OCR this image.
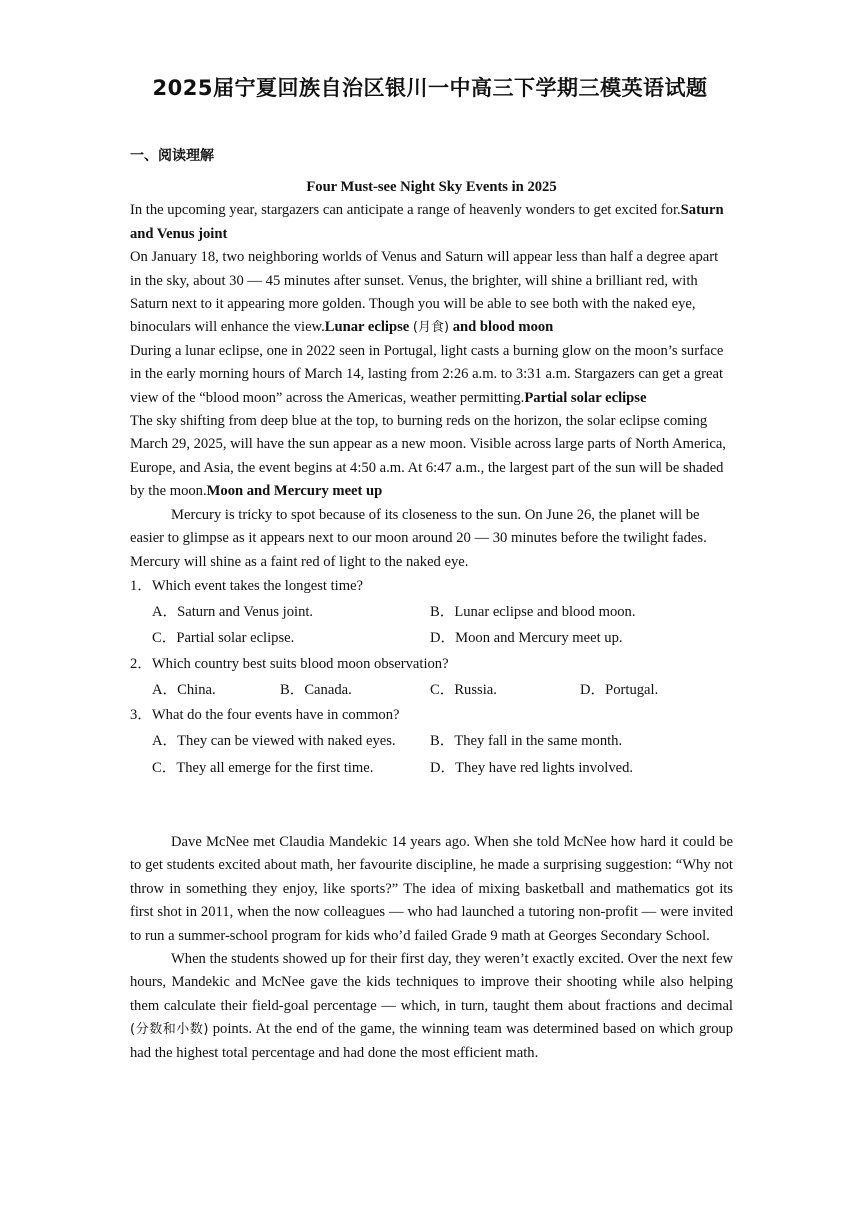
2025届宁夏回族自治区银川一中高三下学期三模英语试题
一、阅读理解

Four Must-see Night Sky Events in 2025

In the upcoming year, stargazers can anticipate a range of heavenly wonders to get excited for.Saturn and Venus joint
On January 18, two neighboring worlds of Venus and Saturn will appear less than half a degree apart in the sky, about 30 — 45 minutes after sunset. Venus, the brighter, will shine a brilliant red, with Saturn next to it appearing more golden. Though you will be able to see both with the naked eye, binoculars will enhance the view.Lunar eclipse (月食) and blood moon
During a lunar eclipse, one in 2022 seen in Portugal, light casts a burning glow on the moon’s surface in the early morning hours of March 14, lasting from 2:26 a.m. to 3:31 a.m. Stargazers can get a great view of the “blood moon” across the Americas, weather permitting.Partial solar eclipse
The sky shifting from deep blue at the top, to burning reds on the horizon, the solar eclipse coming March 29, 2025, will have the sun appear as a new moon. Visible across large parts of North America, Europe, and Asia, the event begins at 4:50 a.m. At 6:47 a.m., the largest part of the sun will be shaded by the moon.Moon and Mercury meet up

Mercury is tricky to spot because of its closeness to the sun. On June 26, the planet will be easier to glimpse as it appears next to our moon around 20 — 30 minutes before the twilight fades. Mercury will shine as a faint red of light to the naked eye.

1．Which event takes the longest time?

A．Saturn and Venus joint.	B．Lunar eclipse and blood moon.
C．Partial solar eclipse.	D．Moon and Mercury meet up.

2．Which country best suits blood moon observation?

A．China.	B．Canada.	C．Russia.	D．Portugal.

3．What do the four events have in common?

A．They can be viewed with naked eyes. B．They fall in the same month.
C．They all emerge for the first time.	D．They have red lights involved.

Dave McNee met Claudia Mandekic 14 years ago. When she told McNee how hard it could be to get students excited about math, her favourite discipline, he made a surprising suggestion: “Why not throw in something they enjoy, like sports?” The idea of mixing basketball and mathematics got its first shot in 2011, when the now colleagues — who had launched a tutoring non-profit — were invited to run a summer-school program for kids who’d failed Grade 9 math at Georges Secondary School.

When the students showed up for their first day, they weren’t exactly excited. Over the next few hours, Mandekic and McNee gave the kids techniques to improve their shooting while also helping them calculate their field-goal percentage — which, in turn, taught them about fractions and decimal (分数和小数) points. At the end of the game, the winning team was determined based on which group had the highest total percentage and had done the most efficient math.
